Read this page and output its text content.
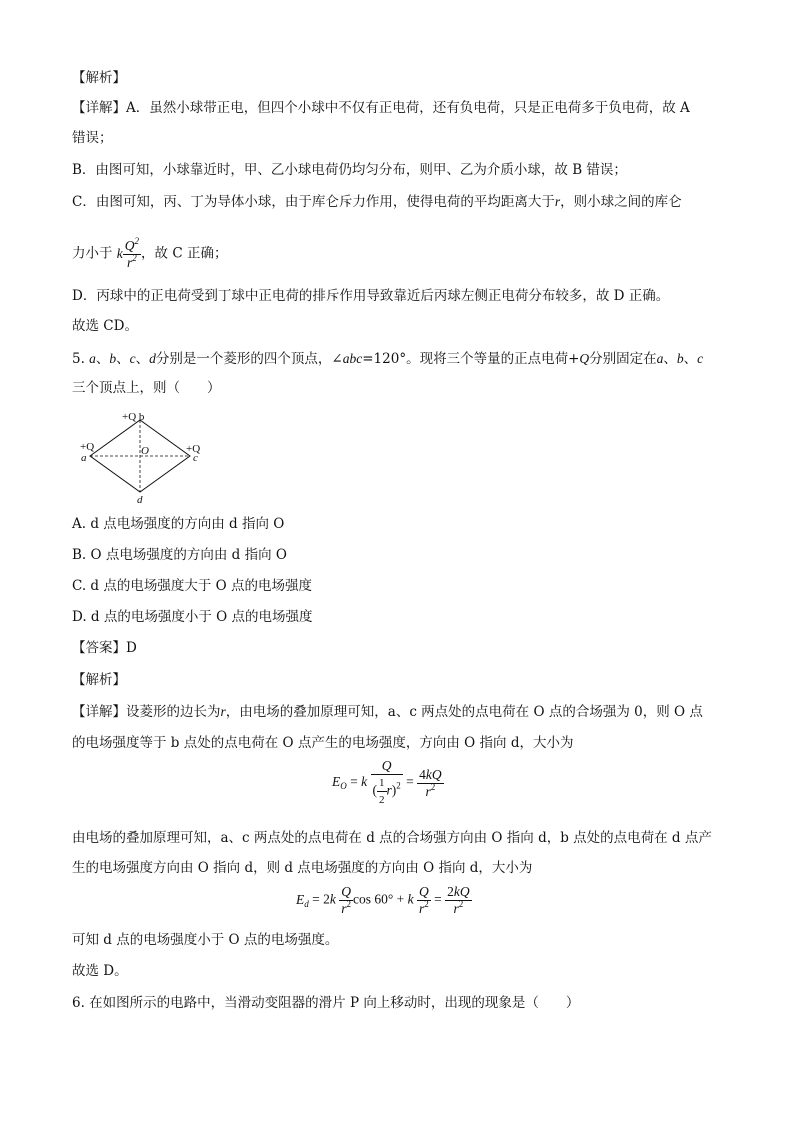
【解析】
【详解】A．虽然小球带正电，但四个小球中不仅有正电荷，还有负电荷，只是正电荷多于负电荷，故 A
错误；
B．由图可知，小球靠近时，甲、乙小球电荷仍均匀分布，则甲、乙为介质小球，故 B 错误；
C．由图可知，丙、丁为导体小球，由于库仑斥力作用，使得电荷的平均距离大于r，则小球之间的库仑
力小于 k $\frac{Q^2}{r^2}$ ，故 C 正确；
D．丙球中的正电荷受到丁球中正电荷的排斥作用导致靠近后丙球左侧正电荷分布较多，故 D 正确。
故选 CD。
5. a、b、c、d分别是一个菱形的四个顶点，∠abc=120°。现将三个等量的正点电荷+Q分别固定在a、b、c
三个顶点上，则（　　）
+Q b
+Q
a
+Q
c
O
d
A. d 点电场强度的方向由 d 指向 O
B. O 点电场强度的方向由 d 指向 O
C. d 点的电场强度大于 O 点的电场强度
D. d 点的电场强度小于 O 点的电场强度
【答案】D
【解析】
【详解】设菱形的边长为r，由电场的叠加原理可知，a、c 两点处的点电荷在 O 点的合场强为 0，则 O 点
的电场强度等于 b 点处的点电荷在 O 点产生的电场强度，方向由 O 指向 d，大小为
$E_O = k \frac{Q}{( \frac{1}{2} r)^2} = \frac{4kQ}{r^2}$
由电场的叠加原理可知，a、c 两点处的点电荷在 d 点的合场强方向由 O 指向 d，b 点处的点电荷在 d 点产
生的电场强度方向由 O 指向 d，则 d 点电场强度的方向由 O 指向 d，大小为
$E_d = 2k \frac{Q}{r^2}$ cos 60° + k $\frac{Q}{r^2} = \frac{2kQ}{r^2}$
可知 d 点的电场强度小于 O 点的电场强度。
故选 D。
6. 在如图所示的电路中，当滑动变阻器的滑片 P 向上移动时，出现的现象是（　　）
